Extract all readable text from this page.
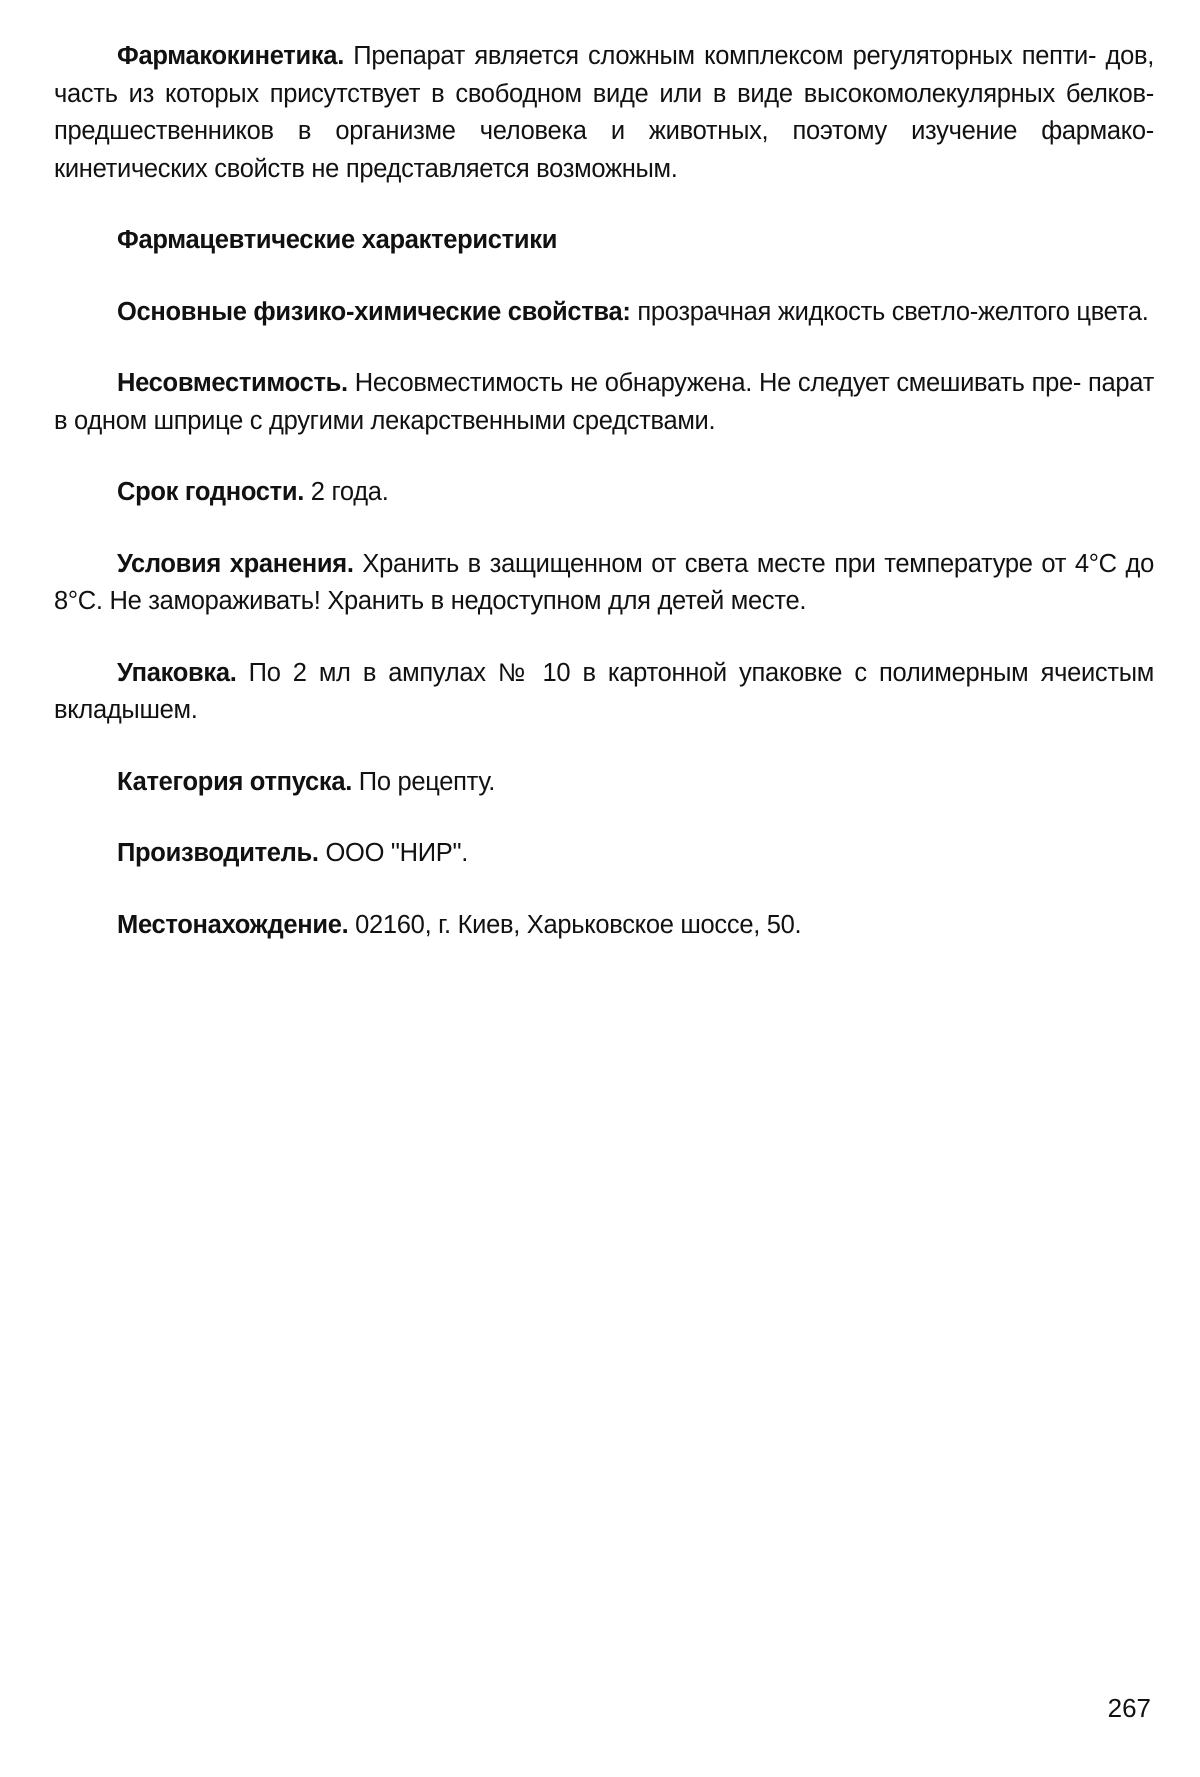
Фармакокинетика. Препарат является сложным комплексом регуляторных пепти- дов, часть из которых присутствует в свободном виде или в виде высокомолекулярных белков-предшественников в организме человека и животных, поэтому изучение фармако- кинетических свойств не представляется возможным.

Фармацевтические характеристики

Основные физико-химические свойства: прозрачная жидкость светло-желтого цвета.

Несовместимость. Несовместимость не обнаружена. Не следует смешивать пре- парат в одном шприце с другими лекарственными средствами.

Срок годности. 2 года.

Условия хранения. Хранить в защищенном от света месте при температуре от 4°С до 8°С. Не замораживать! Хранить в недоступном для детей месте.

Упаковка. По 2 мл в ампулах № 10 в картонной упаковке с полимерным ячеистым вкладышем.

Категория отпуска. По рецепту.

Производитель. ООО "НИР".

Местонахождение. 02160, г. Киев, Харьковское шоссе, 50.

267
